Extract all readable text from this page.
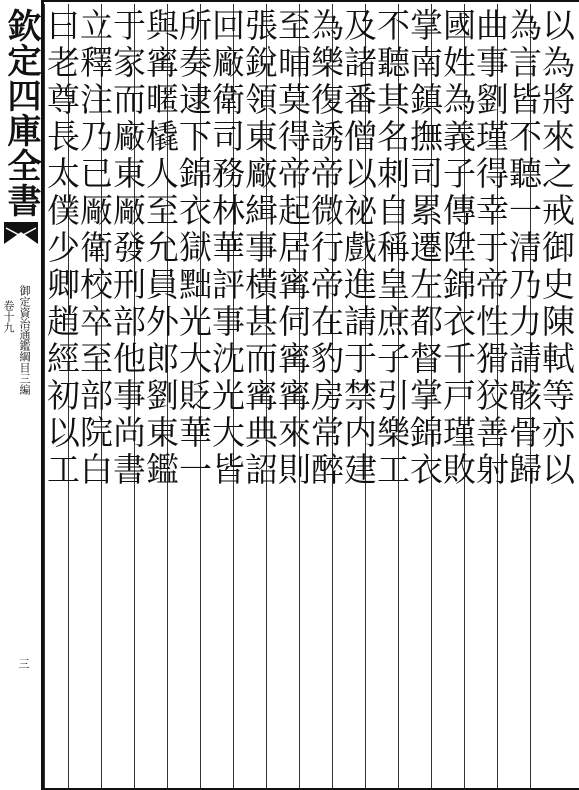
欽定四庫全書
御定資治通鑑綱目三編
卷十九
三
以為將來之戒御史陳軾等亦以
為言皆不聽一清乃力請骸骨歸
曲事劉瑾得幸于帝性猾狡善射
國姓為義子傳陞錦衣千戸瑾敗
掌南鎮撫司累遷左都督掌錦衣
不聽其名刺自稱皇庶子引樂工
及諸番僧以祕戲進請于禁内建
為樂復誘帝微行帝在豹房常醉
至晡莫得帝起居寗伺寗寗來則
張銳領東廠緝事橫甚而寗典詔
回廠衛司務林華評事沈光大皆
所奏逮下錦衣獄黜光大貶華一
與寗暱橇人至允員外郎劉東鑑
于家而廠東厰發刑部他事尚書
立釋注乃已厰衛校卒至部院白
曰老尊長太僕少卿趙經初以工
